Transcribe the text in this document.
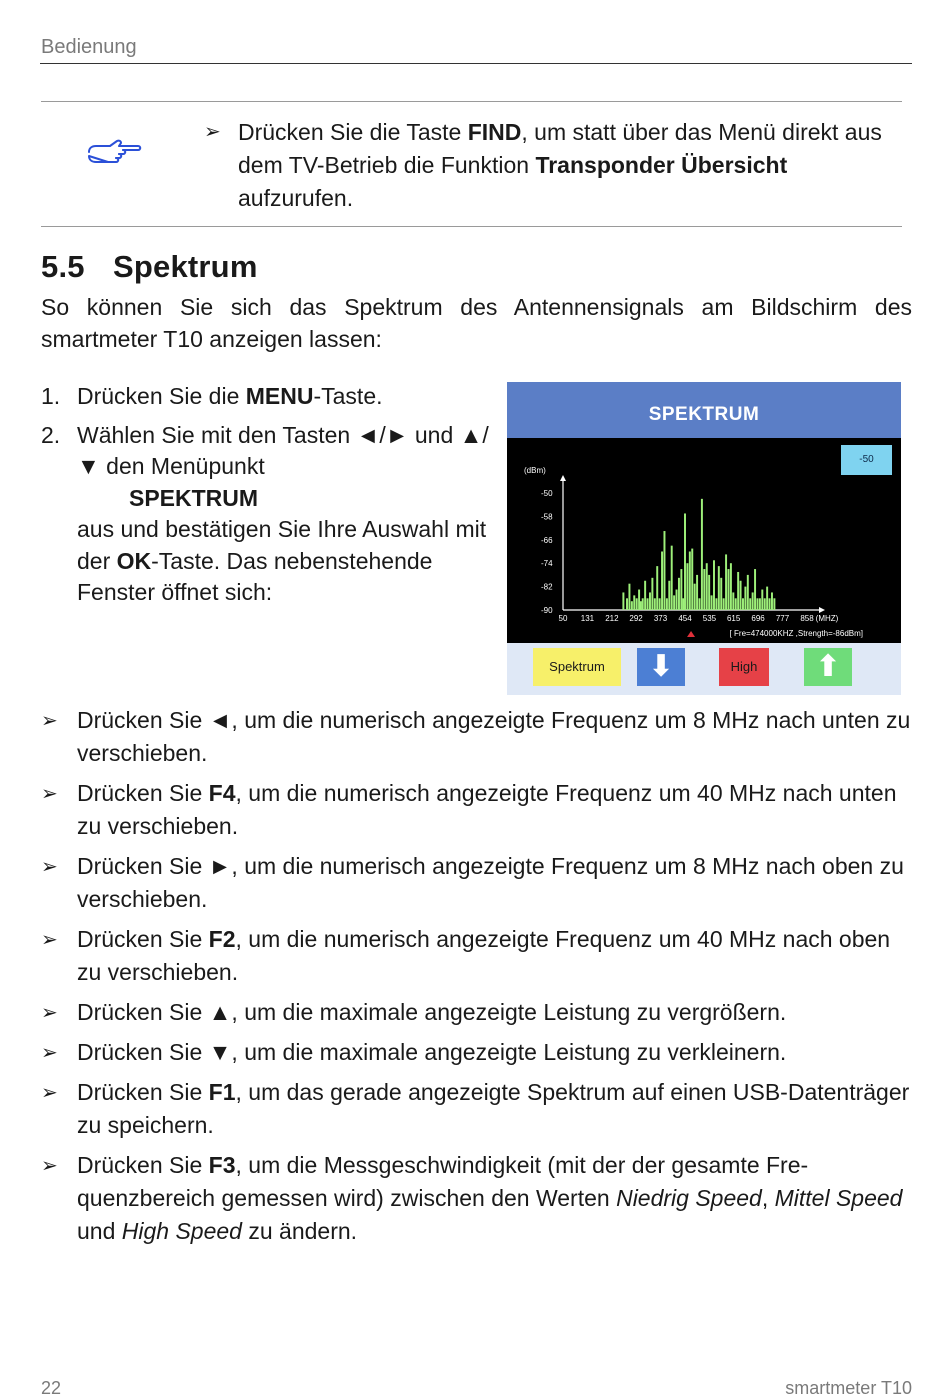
Bedienung
➢ Drücken Sie die Taste FIND, um statt über das Menü direkt aus dem TV-Betrieb die Funktion Transponder Übersicht aufzurufen.
5.5 Spektrum
So können Sie sich das Spektrum des Antennensignals am Bildschirm des smartmeter T10 anzeigen lassen:
1. Drücken Sie die MENU-Taste.
2. Wählen Sie mit den Tasten ◄/► und ▲/▼ den Menüpunkt
SPEKTRUM
aus und bestätigen Sie Ihre Auswahl mit der OK-Taste. Das nebenstehende Fenster öffnet sich:
SPEKTRUM
(dBm)
-50
-58
-66
-74
-82
-90
50 131 212 292 373 454 535 615 696 777 858 (MHZ)
[ Fre=474000KHZ ,Strength=-86dBm]
-50
Spektrum	⬇	High	⬆
➢ Drücken Sie ◄, um die numerisch angezeigte Frequenz um 8 MHz nach unten zu verschieben.
➢ Drücken Sie F4, um die numerisch angezeigte Frequenz um 40 MHz nach unten zu verschieben.
➢ Drücken Sie ►, um die numerisch angezeigte Frequenz um 8 MHz nach oben zu verschieben.
➢ Drücken Sie F2, um die numerisch angezeigte Frequenz um 40 MHz nach oben zu verschieben.
➢ Drücken Sie ▲, um die maximale angezeigte Leistung zu vergrößern.
➢ Drücken Sie ▼, um die maximale angezeigte Leistung zu verkleinern.
➢ Drücken Sie F1, um das gerade angezeigte Spektrum auf einen USB-Datenträger zu speichern.
➢ Drücken Sie F3, um die Messgeschwindigkeit (mit der der gesamte Frequenzbereich gemessen wird) zwischen den Werten Niedrig Speed, Mittel Speed und High Speed zu ändern.
22	smartmeter T10
